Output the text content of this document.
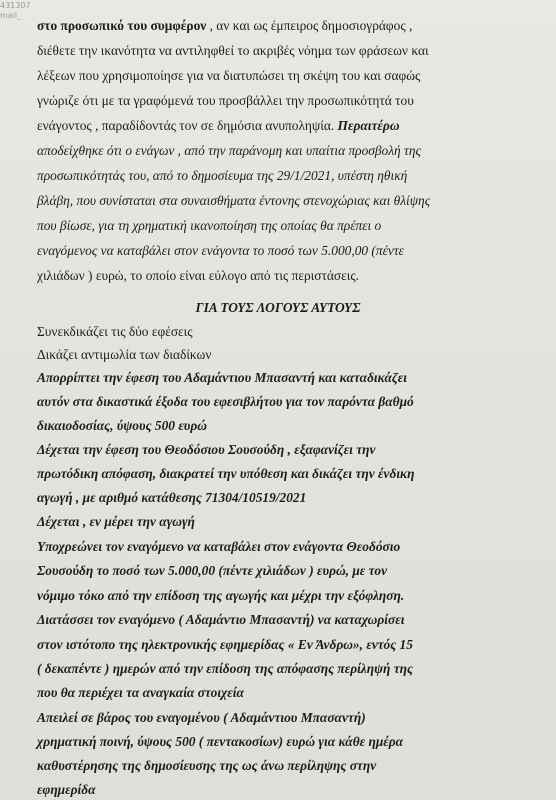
431307
mail_
στο προσωπικό του συμφέρον , αν και ως έμπειρος δημοσιογράφος ,
διέθετε την ικανότητα να αντιληφθεί το ακριβές νόημα των φράσεων και
λέξεων που χρησιμοποίησε για να διατυπώσει τη σκέψη του και σαφώς
γνώριζε ότι με τα γραφόμενά του προσβάλλει την προσωπικότητά του
ενάγοντος , παραδίδοντάς τον σε δημόσια ανυποληψία. Περαιτέρω
αποδείχθηκε ότι ο ενάγων , από την παράνομη και υπαίτια προσβολή της
προσωπικότητάς του, από το δημοσίευμα της 29/1/2021, υπέστη ηθική
βλάβη, που συνίσταται στα συναισθήματα έντονης στενοχώριας και θλίψης
που βίωσε, για τη χρηματική ικανοποίηση της οποίας θα πρέπει ο
εναγόμενος να καταβάλει στον ενάγοντα το ποσό των 5.000,00 (πέντε
χιλιάδων ) ευρώ, το οποίο είναι εύλογο από τις περιστάσεις.
ΓΙΑ ΤΟΥΣ ΛΟΓΟΥΣ ΑΥΤΟΥΣ
Συνεκδικάζει τις δύο εφέσεις
Δικάζει αντιμωλία των διαδίκων
Απορρίπτει την έφεση του Αδαμάντιου Μπασαντή και καταδικάζει
αυτόν στα δικαστικά έξοδα του εφεσιβλήτου για τον παρόντα βαθμό
δικαιοδοσίας, ύψους 500 ευρώ
Δέχεται την έφεση του Θεοδόσιου Σουσούδη , εξαφανίζει την
πρωτόδικη απόφαση, διακρατεί την υπόθεση και δικάζει την ένδικη
αγωγή , με αριθμό κατάθεσης 71304/10519/2021
Δέχεται , εν μέρει την αγωγή
Υποχρεώνει τον εναγόμενο να καταβάλει στον ενάγοντα Θεοδόσιο
Σουσούδη το ποσό των 5.000,00 (πέντε χιλιάδων ) ευρώ, με τον
νόμιμο τόκο από την επίδοση της αγωγής και μέχρι την εξόφληση.
Διατάσσει τον εναγόμενο ( Αδαμάντιο Μπασαντή) να καταχωρίσει
στον ιστότοπο της ηλεκτρονικής εφημερίδας « Εν Άνδρω», εντός 15
( δεκαπέντε ) ημερών από την επίδοση της απόφασης περίληψή της
που θα περιέχει τα αναγκαία στοιχεία
Απειλεί σε βάρος του εναγομένου ( Αδαμάντιου Μπασαντή)
χρηματική ποινή, ύψους 500 ( πεντακοσίων) ευρώ για κάθε ημέρα
καθυστέρησης της δημοσίευσης της ως άνω περίληψης στην
εφημερίδα
